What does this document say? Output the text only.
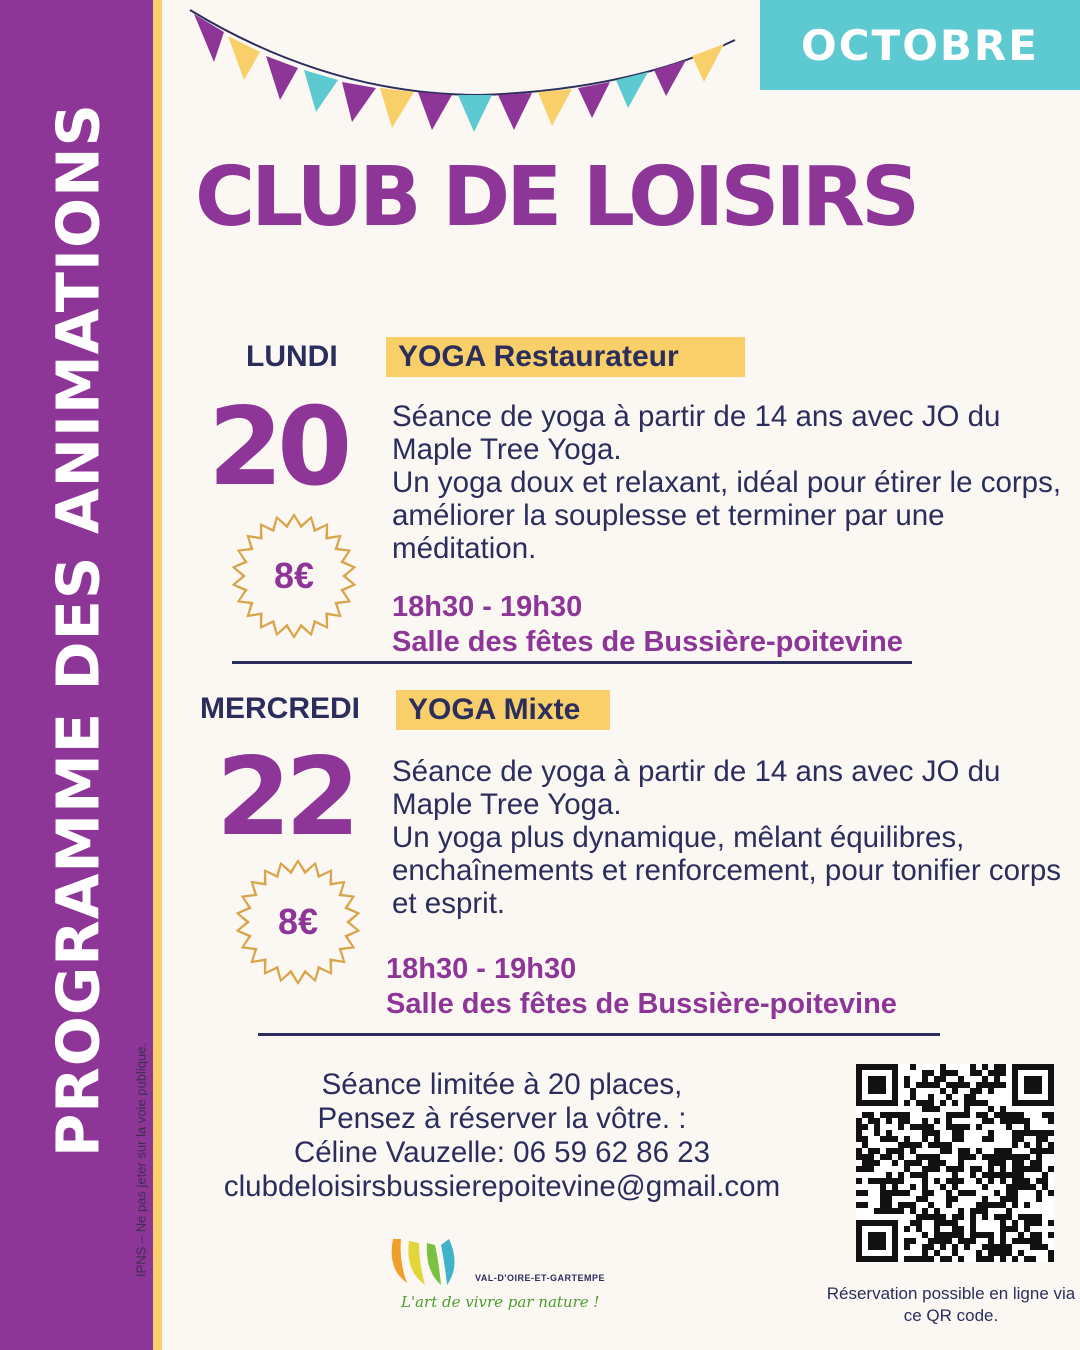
PROGRAMME DES ANIMATIONS
IPNS – Ne pas jeter sur la voie publique.
OCTOBRE
CLUB DE LOISIRS
LUNDI	YOGA Restaurateur
20
8€

Séance de yoga à partir de 14 ans avec JO du Maple Tree Yoga.

Un yoga doux et relaxant, idéal pour étirer le corps, améliorer la souplesse et terminer par une méditation.

18h30 - 19h30
Salle des fêtes de Bussière-poitevine
MERCREDI	YOGA Mixte
22
8€

Séance de yoga à partir de 14 ans avec JO du Maple Tree Yoga.

Un yoga plus dynamique, mêlant équilibres, enchaînements et renforcement, pour tonifier corps et esprit.

18h30 - 19h30
Salle des fêtes de Bussière-poitevine
Séance limitée à 20 places,
Pensez à réserver la vôtre. :
Céline Vauzelle: 06 59 62 86 23
clubdeloisirsbussierepoitevine@gmail.com
Réservation possible en ligne via ce QR code.
VAL-D'OIRE-ET-GARTEMPE
L'art de vivre par nature !
